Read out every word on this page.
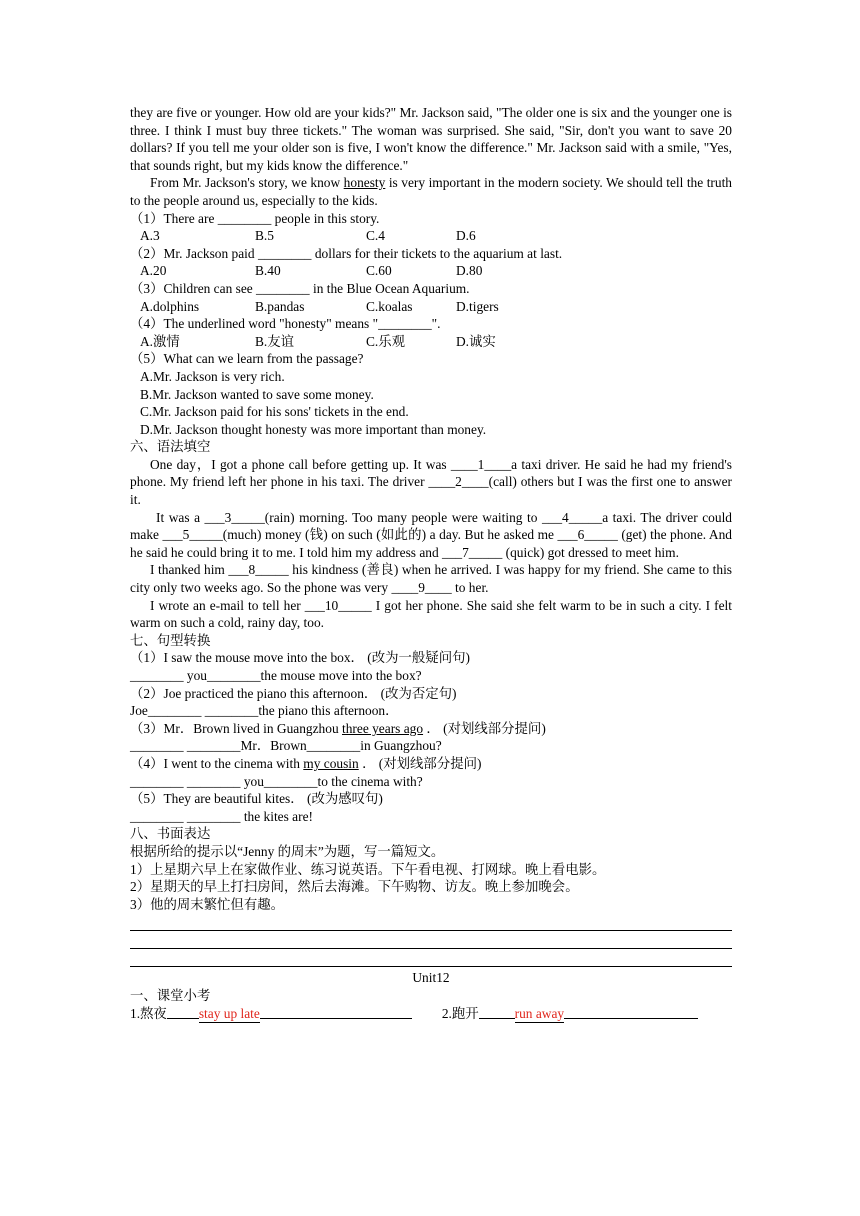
they are five or younger. How old are your kids?" Mr. Jackson said, "The older one is six and the younger one is three. I think I must buy three tickets." The woman was surprised. She said, "Sir, don't you want to save 20 dollars? If you tell me your older son is five, I won't know the difference." Mr. Jackson said with a smile, "Yes, that sounds right, but my kids know the difference."

From Mr. Jackson's story, we know honesty is very important in the modern society. We should tell the truth to the people around us, especially to the kids.

（1）There are ________ people in this story.

A.3	B.5	C.4	D.6

（2）Mr. Jackson paid ________ dollars for their tickets to the aquarium at last.

A.20	B.40	C.60	D.80

（3）Children can see ________ in the Blue Ocean Aquarium.

A.dolphins	B.pandas	C.koalas	D.tigers

（4）The underlined word "honesty" means "________".

A.激情	B.友谊	C.乐观	D.诚实

（5）What can we learn from the passage?

A.Mr. Jackson is very rich.

B.Mr. Jackson wanted to save some money.

C.Mr. Jackson paid for his sons' tickets in the end.

D.Mr. Jackson thought honesty was more important than money.

六、语法填空

One day，I got a phone call before getting up. It was ____1____a taxi driver. He said he had my friend's phone. My friend left her phone in his taxi. The driver ____2____(call) others but I was the first one to answer it.

It was a ___3_____(rain) morning. Too many people were waiting to ___4_____a taxi. The driver could make ___5_____(much) money (钱) on such (如此的) a day. But he asked me ___6_____ (get) the phone. And he said he could bring it to me. I told him my address and ___7_____ (quick) got dressed to meet him.

I thanked him ___8_____ his kindness (善良) when he arrived. I was happy for my friend. She came to this city only two weeks ago. So the phone was very ____9____ to her.

I wrote an e-mail to tell her ___10_____ I got her phone. She said she felt warm to be in such a city. I felt warm on such a cold, rainy day, too.

七、句型转换

（1）I saw the mouse move into the box． (改为一般疑问句)

________ you________the mouse move into the box?

（2）Joe practiced the piano this afternoon． (改为否定句)

Joe________ ________the piano this afternoon．

（3）Mr．Brown lived in Guangzhou three years ago ． (对划线部分提问)

________ ________Mr．Brown________in Guangzhou?

（4）I went to the cinema with my cousin ． (对划线部分提问)

________ ________ you________to the cinema with?

（5）They are beautiful kites． (改为感叹句)

________ ________ the kites are!

八、书面表达

根据所给的提示以“Jenny 的周末”为题，写一篇短文。

1）上星期六早上在家做作业、练习说英语。下午看电视、打网球。晚上看电影。

2）星期天的早上打扫房间，然后去海滩。下午购物、访友。晚上参加晚会。

3）他的周末繁忙但有趣。

Unit12

一、课堂小考

1.熬夜 stay up late	2.跑开	run away
